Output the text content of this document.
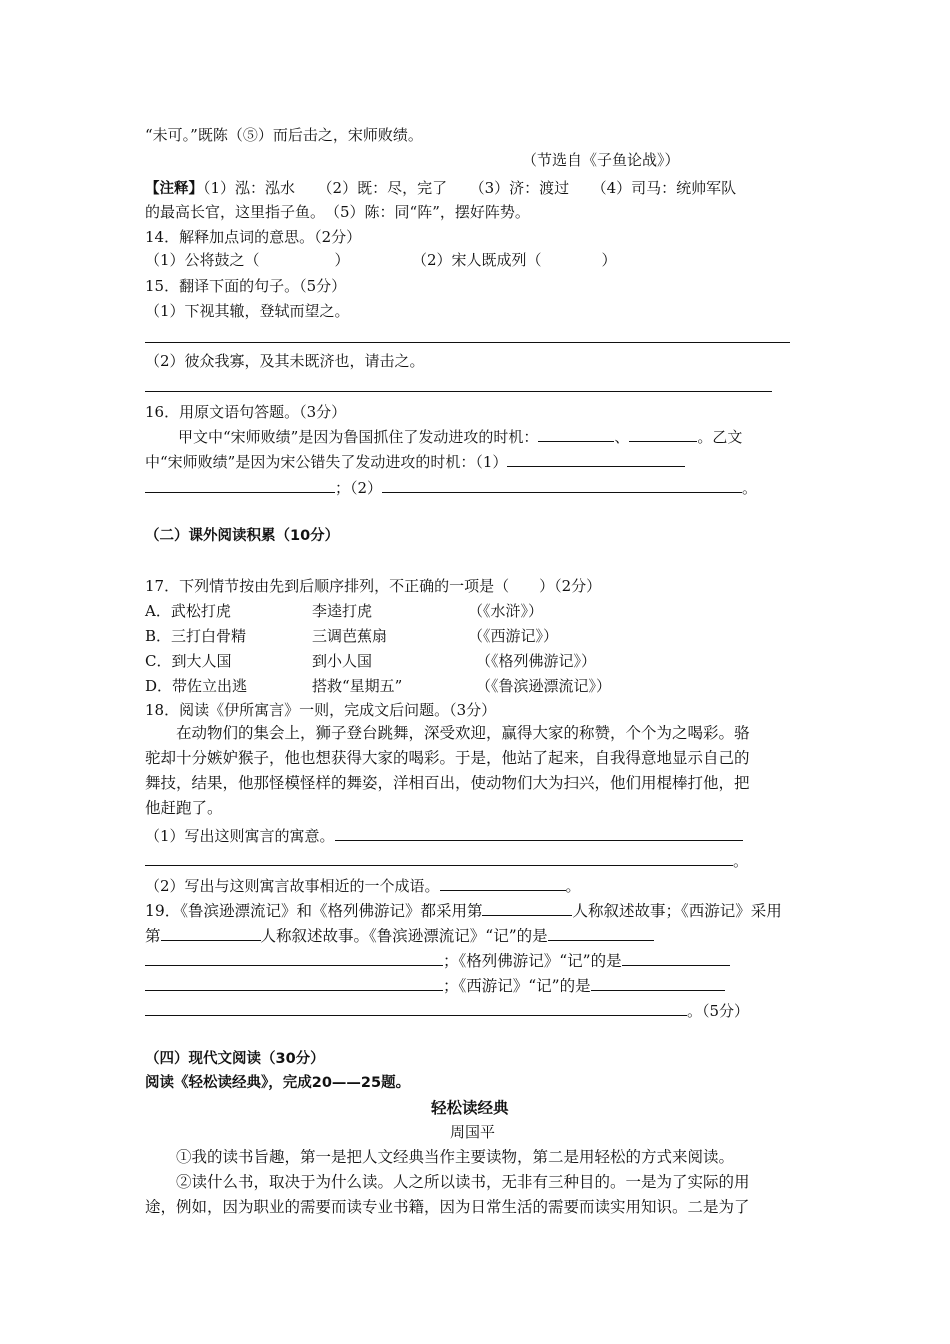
“未可。”既陈（⑤）而后击之，宋师败绩。
（节选自《子鱼论战》）
【注释】（1）泓：泓水　　（2）既：尽，完了　　（3）济：渡过　　（4）司马：统帅军队
的最高长官，这里指子鱼。　（5）陈：同“阵”，摆好阵势。
14．解释加点词的意思。（2分）
（1）公将鼓之（　　　　　）	（2）宋人既成列（　　　　）
15．翻译下面的句子。（5分）
（1）下视其辙，登轼而望之。
（2）彼众我寡，及其未既济也，请击之。
16．用原文语句答题。（3分）
甲文中“宋师败绩”是因为鲁国抓住了发动进攻的时机：	、	。乙文
中“宋师败绩”是因为宋公错失了发动进攻的时机：（1）
；（2）	。
（二）课外阅读积累（10分）
17．下列情节按由先到后顺序排列，不正确的一项是（　　）（2分）
A．武松打虎	李逵打虎	（《水浒》）
B．三打白骨精	三调芭蕉扇	（《西游记》）
C．到大人国	到小人国	（《格列佛游记》）
D．带佐立出逃	搭救“星期五”	（《鲁滨逊漂流记》）
18．阅读《伊所寓言》一则，完成文后问题。（3分）
在动物们的集会上，狮子登台跳舞，深受欢迎，赢得大家的称赞，个个为之喝彩。骆
驼却十分嫉妒猴子，他也想获得大家的喝彩。于是，他站了起来，自我得意地显示自己的
舞技，结果，他那怪模怪样的舞姿，洋相百出，使动物们大为扫兴，他们用棍棒打他，把
他赶跑了。
（1）写出这则寓言的寓意。
。
（2）写出与这则寓言故事相近的一个成语。	。
19．《鲁滨逊漂流记》和《格列佛游记》都采用第	人称叙述故事；《西游记》采用
第	人称叙述故事。《鲁滨逊漂流记》“记”的是
；《格列佛游记》“记”的是
；《西游记》“记”的是
。（5分）
（四）现代文阅读（30分）
阅读《轻松读经典》，完成20——25题。
轻松读经典
周国平
①我的读书旨趣，第一是把人文经典当作主要读物，第二是用轻松的方式来阅读。
②读什么书，取决于为什么读。人之所以读书，无非有三种目的。一是为了实际的用
途，例如，因为职业的需要而读专业书籍，因为日常生活的需要而读实用知识。二是为了
